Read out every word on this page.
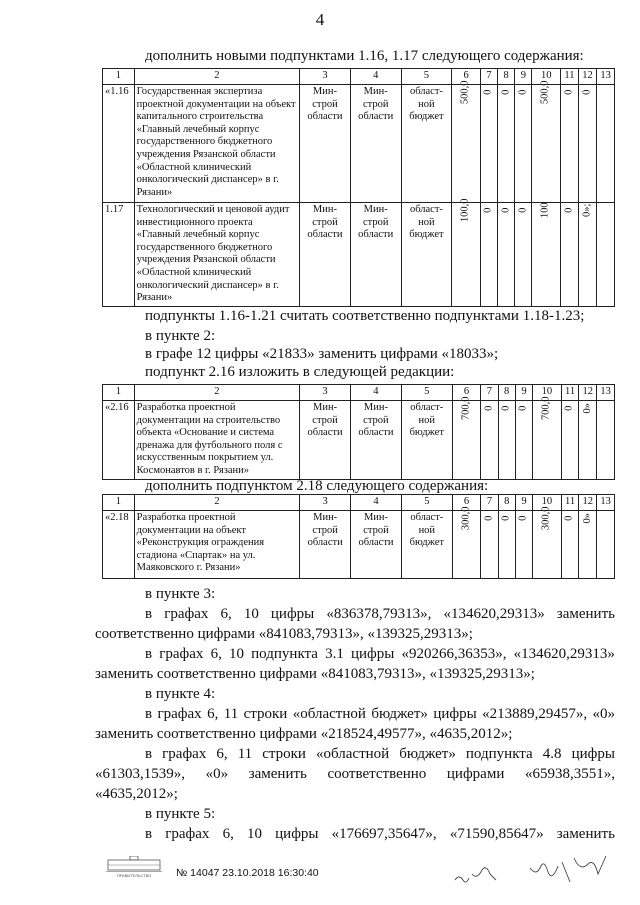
4
дополнить новыми подпунктами 1.16, 1.17 следующего содержания:
1	2	3	4	5	6	7	8	9	10	11	12	13
«1.16	Государственная экспертиза проектной документации на объект капитального строительства «Главный лечебный корпус государственного бюджетного учреждения Рязанской области «Областной клинический онкологический диспансер» в г. Рязани»	Мин-строй области	Мин-строй области	област-ной бюджет	500,0	0	0	0	500,0	0	0	
1.17	Технологический и ценовой аудит инвестиционного проекта «Главный лечебный корпус государственного бюджетного учреждения Рязанской области «Областной клинический онкологический диспансер» в г. Рязани»	Мин-строй области	Мин-строй области	област-ной бюджет	100,0	0	0	0	100	0	0»;	
подпункты 1.16-1.21 считать соответственно подпунктами 1.18-1.23;
в пункте 2:
в графе 12 цифры «21833» заменить цифрами «18033»;
подпункт 2.16 изложить в следующей редакции:
1	2	3	4	5	6	7	8	9	10	11	12	13
«2.16	Разработка проектной документации на строительство объекта «Основание и система дренажа для футбольного поля с искусственным покрытием ул. Космонавтов в г. Рязани»	Мин-строй области	Мин-строй области	област-ной бюджет	700,0	0	0	0	700,0	0	0»	
дополнить подпунктом 2.18 следующего содержания:
1	2	3	4	5	6	7	8	9	10	11	12	13
«2.18	Разработка проектной документации на объект «Реконструкция ограждения стадиона «Спартак» на ул. Маяковского г. Рязани»	Мин-строй области	Мин-строй области	област-ной бюджет	300,0	0	0	0	300,0	0	0»	
в пункте 3:
в графах 6, 10 цифры «836378,79313», «134620,29313» заменить
соответственно цифрами «841083,79313», «139325,29313»;
в графах 6, 10 подпункта 3.1 цифры «920266,36353», «134620,29313»
заменить соответственно цифрами «841083,79313», «139325,29313»;
в пункте 4:
в графах 6, 11 строки «областной бюджет» цифры «213889,29457», «0»
заменить соответственно цифрами «218524,49577», «4635,2012»;
в графах 6, 11 строки «областной бюджет» подпункта 4.8 цифры
«61303,1539», «0» заменить соответственно цифрами «65938,3551»,
«4635,2012»;
в пункте 5:
в графах 6, 10 цифры «176697,35647», «71590,85647» заменить
ПРАВИТЕЛЬСТВО № 14047 23.10.2018 16:30:40
